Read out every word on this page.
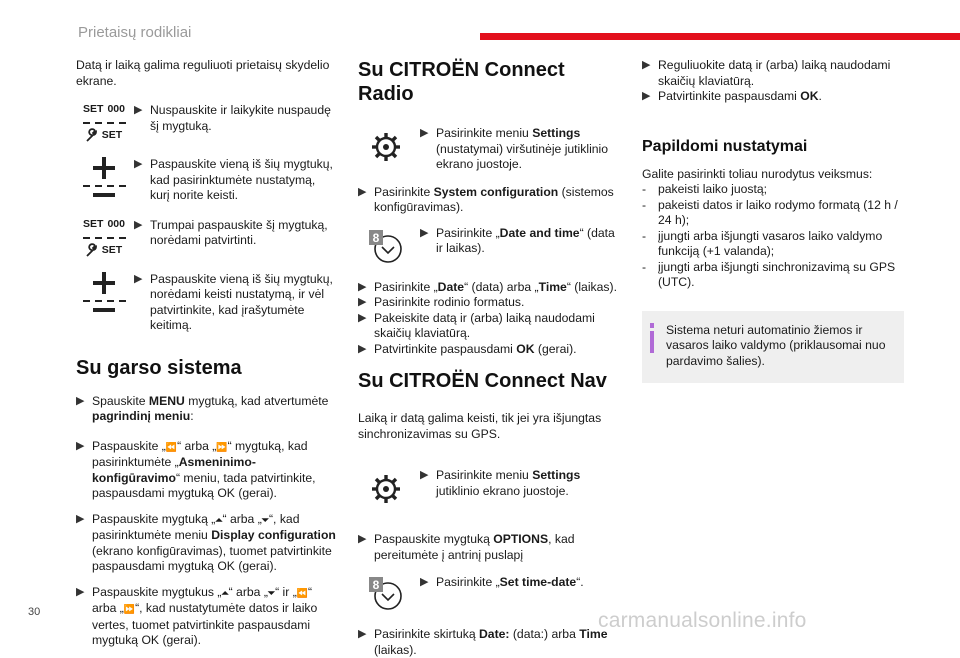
Prietaisų rodikliai

Datą ir laiką galima reguliuoti prietaisų skydelio ekrane.

SET 000
SET
▶ Nuspauskite ir laikykite nuspaudę šį mygtuką.

▶ Paspauskite vieną iš šių mygtukų, kad pasirinktumėte nustatymą, kurį norite keisti.

SET 000
SET
▶ Trumpai paspauskite šį mygtuką, norėdami patvirtinti.

▶ Paspauskite vieną iš šių mygtukų, norėdami keisti nustatymą, ir vėl patvirtinkite, kad įrašytumėte keitimą.

Su garso sistema
▶ Spauskite MENU mygtuką, kad atvertumėte pagrindinį meniu:

▶ Paspauskite „⏪“ arba „⏩“ mygtuką, kad pasirinktumėte „Asmeninimo-konfigūravimo“ meniu, tada patvirtinkite, paspausdami mygtuką OK (gerai).

▶ Paspauskite mygtuką „⏶“ arba „⏷“, kad pasirinktumėte meniu Display configuration (ekrano konfigūravimas), tuomet patvirtinkite paspausdami mygtuką OK (gerai).

▶ Paspauskite mygtukus „⏶“ arba „⏷“ ir „⏪“ arba „⏩“, kad nustatytumėte datos ir laiko vertes, tuomet patvirtinkite paspausdami mygtuką OK (gerai).

Su CITROËN Connect Radio
▶ Pasirinkite meniu Settings (nustatymai) viršutinėje jutiklinio ekrano juostoje.

▶ Pasirinkite System configuration (sistemos konfigūravimas).

8	▶ Pasirinkite „Date and time“ (data ir laikas).

▶ Pasirinkite „Date“ (data) arba „Time“ (laikas).

▶ Pasirinkite rodinio formatus.

▶ Pakeiskite datą ir (arba) laiką naudodami skaičių klaviatūrą.

▶ Patvirtinkite paspausdami OK (gerai).

Su CITROËN Connect Nav

Laiką ir datą galima keisti, tik jei yra išjungtas sinchronizavimas su GPS.

▶ Pasirinkite meniu Settings jutiklinio ekrano juostoje.

▶ Paspauskite mygtuką OPTIONS, kad pereitumėte į antrinį puslapį

8	▶ Pasirinkite „Set time-date“.

▶ Pasirinkite skirtuką Date: (data:) arba Time (laikas).

▶ Reguliuokite datą ir (arba) laiką naudodami skaičių klaviatūrą.

▶ Patvirtinkite paspausdami OK.

Papildomi nustatymai

Galite pasirinkti toliau nurodytus veiksmus:

- pakeisti laiko juostą;
- pakeisti datos ir laiko rodymo formatą (12 h / 24 h);
- įjungti arba išjungti vasaros laiko valdymo funkciją (+1 valanda);
- įjungti arba išjungti sinchronizavimą su GPS (UTC).

Sistema neturi automatinio žiemos ir vasaros laiko valdymo (priklausomai nuo pardavimo šalies).

30	carmanualsonline.info
